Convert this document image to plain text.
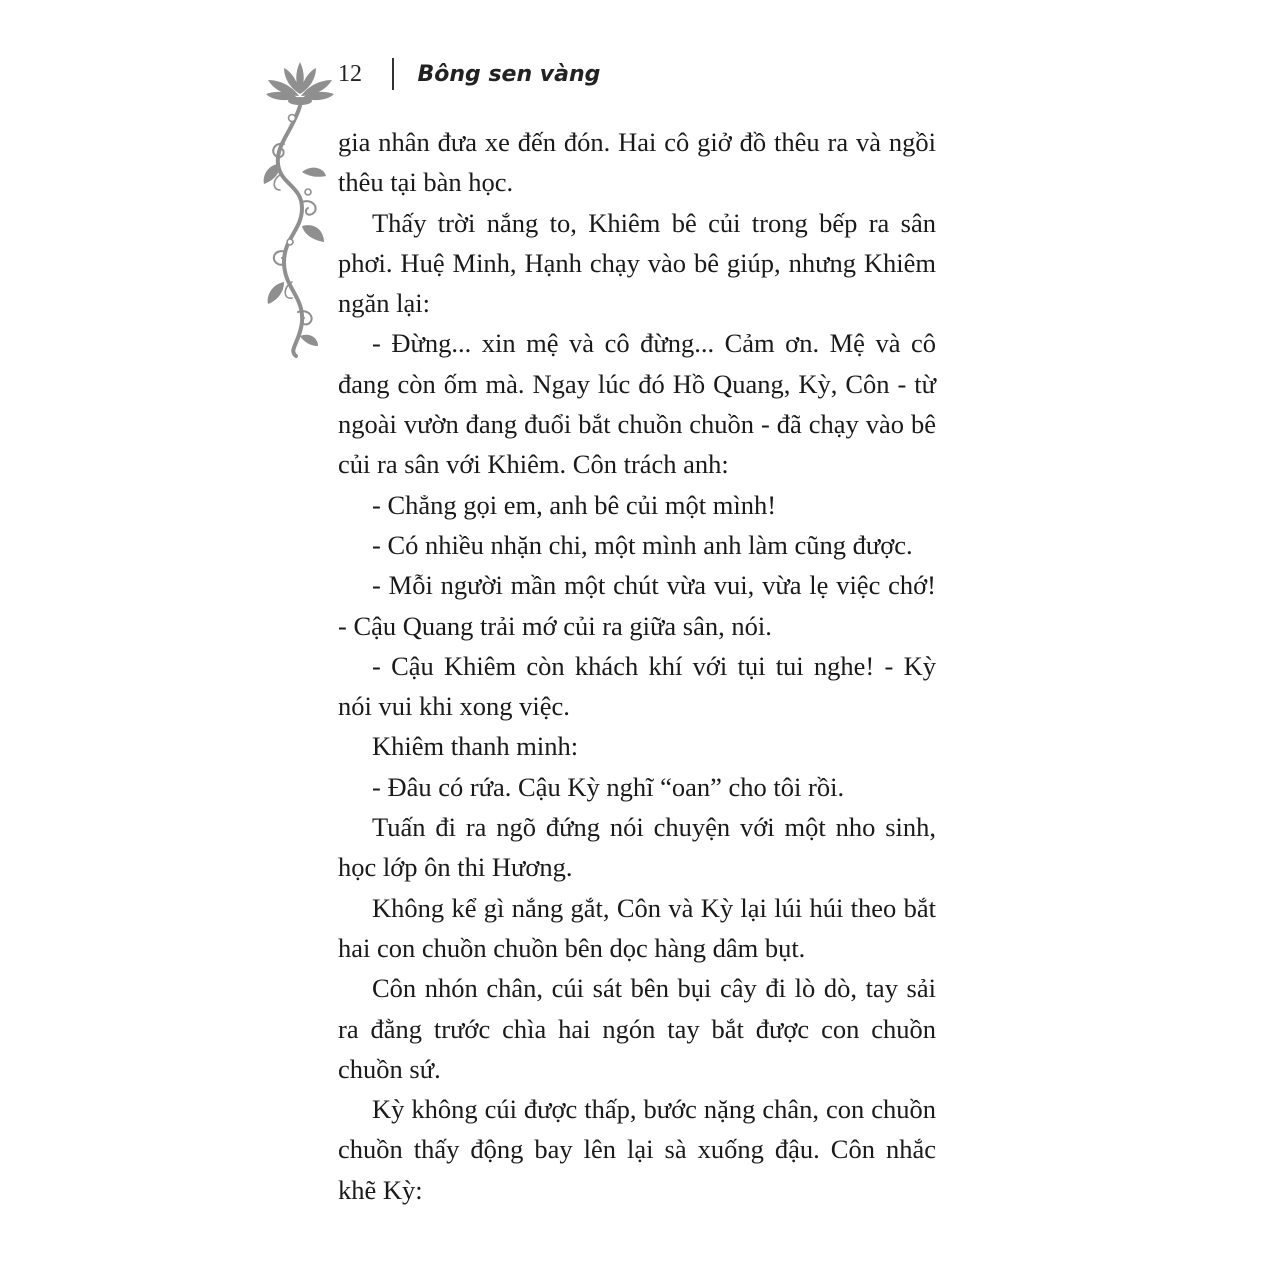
12	Bông sen vàng

gia nhân đưa xe đến đón. Hai cô giở đồ thêu ra và ngồi thêu tại bàn học.

Thấy trời nắng to, Khiêm bê củi trong bếp ra sân phơi. Huệ Minh, Hạnh chạy vào bê giúp, nhưng Khiêm ngăn lại:

- Đừng... xin mệ và cô đừng... Cảm ơn. Mệ và cô đang còn ốm mà. Ngay lúc đó Hồ Quang, Kỳ, Côn - từ ngoài vườn đang đuổi bắt chuồn chuồn - đã chạy vào bê củi ra sân với Khiêm. Côn trách anh:

- Chẳng gọi em, anh bê củi một mình!

- Có nhiều nhặn chi, một mình anh làm cũng được.

- Mỗi người mần một chút vừa vui, vừa lẹ việc chớ! - Cậu Quang trải mớ củi ra giữa sân, nói.

- Cậu Khiêm còn khách khí với tụi tui nghe! - Kỳ nói vui khi xong việc.

Khiêm thanh minh:

- Đâu có rứa. Cậu Kỳ nghĩ “oan” cho tôi rồi.

Tuấn đi ra ngõ đứng nói chuyện với một nho sinh, học lớp ôn thi Hương.

Không kể gì nắng gắt, Côn và Kỳ lại lúi húi theo bắt hai con chuồn chuồn bên dọc hàng dâm bụt.

Côn nhón chân, cúi sát bên bụi cây đi lò dò, tay sải ra đằng trước chìa hai ngón tay bắt được con chuồn chuồn sứ.

Kỳ không cúi được thấp, bước nặng chân, con chuồn chuồn thấy động bay lên lại sà xuống đậu. Côn nhắc khẽ Kỳ:
